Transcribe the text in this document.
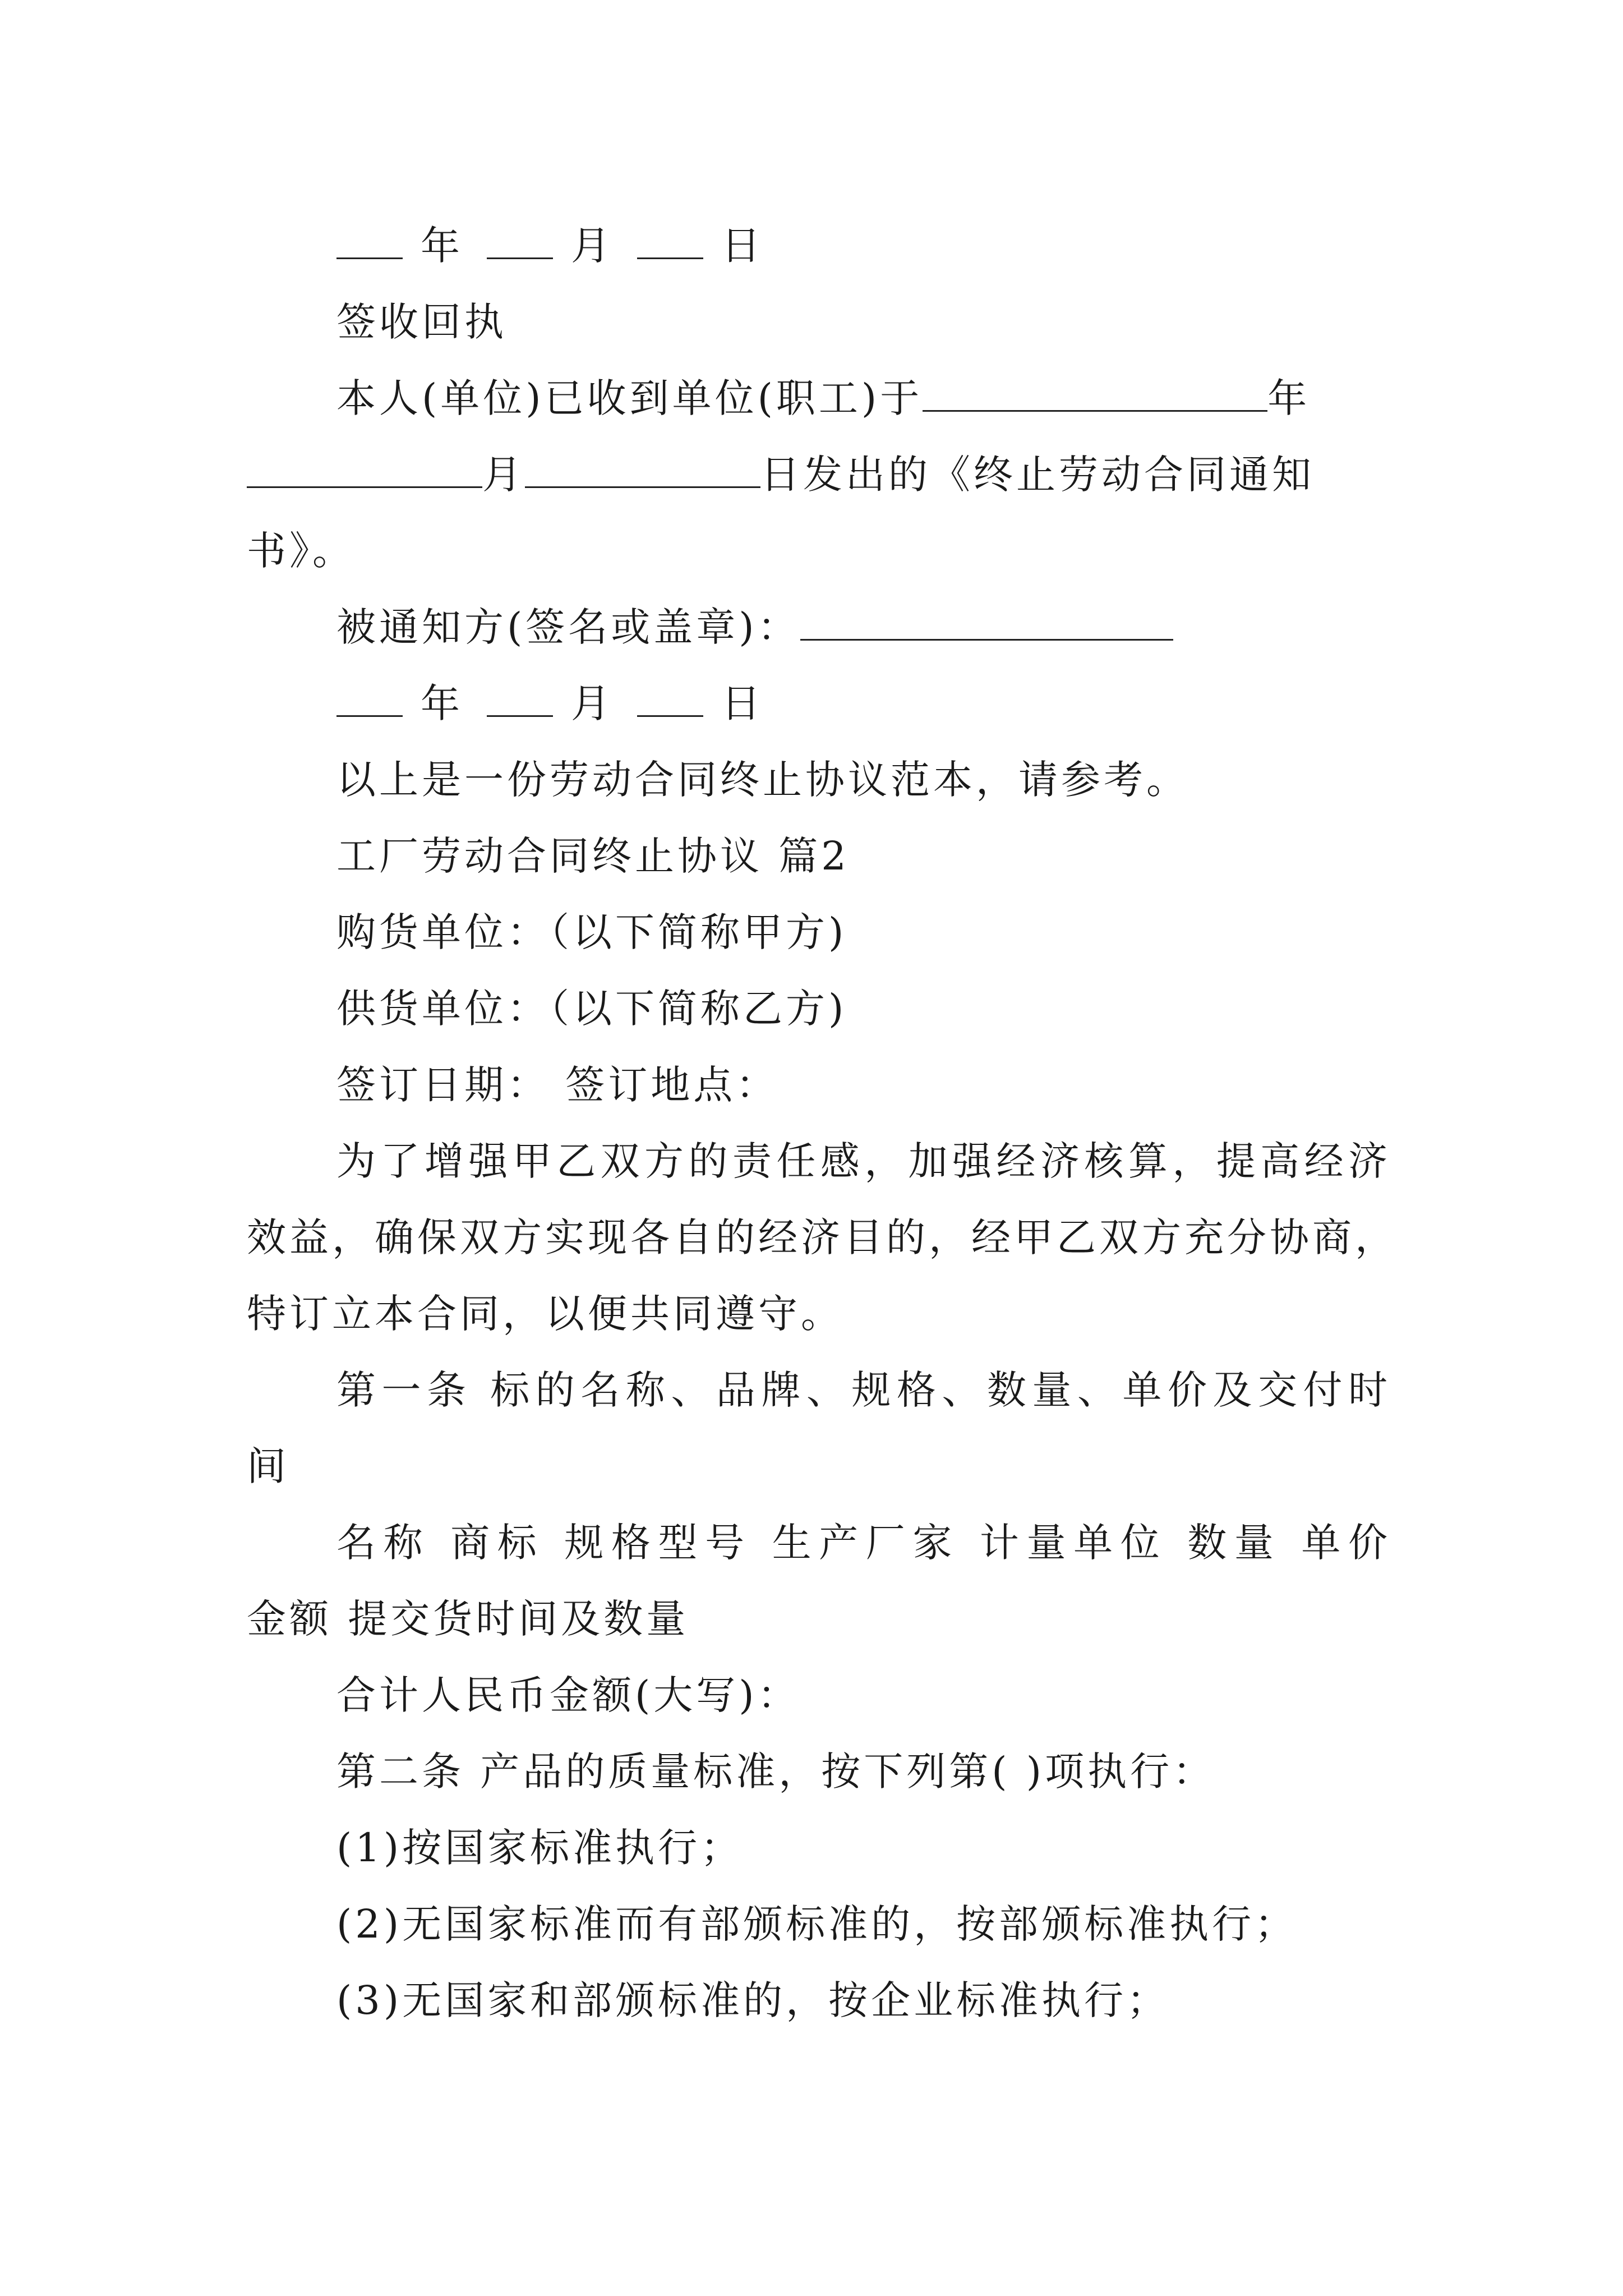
年	月	日
签收回执
本人(单位)已收到单位(职工)于	年
月	日发出的《终止劳动合同通知
书》。
被通知方(签名或盖章)：
年	月	日
以上是一份劳动合同终止协议范本，请参考。
工厂劳动合同终止协议 篇2
购货单位：（以下简称甲方)
供货单位：（以下简称乙方)
签订日期： 签订地点：
为了增强甲乙双方的责任感，加强经济核算，提高经济
效益，确保双方实现各自的经济目的，经甲乙双方充分协商，
特订立本合同，以便共同遵守。
第一条 标的名称、品牌、规格、数量、单价及交付时
间
名称 商标 规格型号 生产厂家 计量单位 数量 单价
金额 提交货时间及数量
合计人民币金额(大写)：
第二条 产品的质量标准，按下列第( )项执行：
(1)按国家标准执行；
(2)无国家标准而有部颁标准的，按部颁标准执行；
(3)无国家和部颁标准的，按企业标准执行；
